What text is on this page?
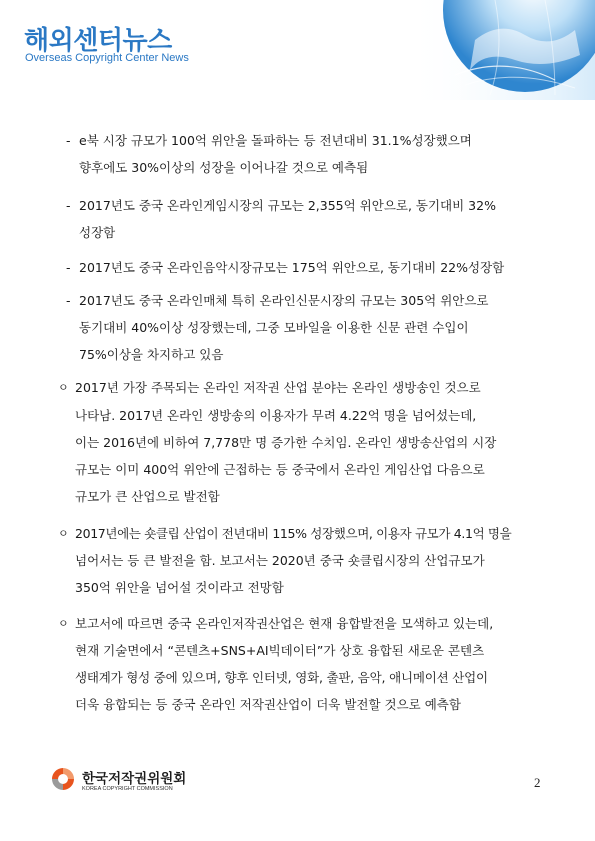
해외센터뉴스
Overseas Copyright Center News
- e북 시장 규모가 100억 위안을 돌파하는 등 전년대비 31.1%성장했으며
향후에도 30%이상의 성장을 이어나갈 것으로 예측됨
- 2017년도 중국 온라인게임시장의 규모는 2,355억 위안으로, 동기대비 32%
성장함
- 2017년도 중국 온라인음악시장규모는 175억 위안으로, 동기대비 22%성장함
- 2017년도 중국 온라인매체 특히 온라인신문시장의 규모는 305억 위안으로
동기대비 40%이상 성장했는데, 그중 모바일을 이용한 신문 관련 수입이
75%이상을 차지하고 있음
ㅇ 2017년 가장 주목되는 온라인 저작권 산업 분야는 온라인 생방송인 것으로
나타남. 2017년 온라인 생방송의 이용자가 무려 4.22억 명을 넘어섰는데,
이는 2016년에 비하여 7,778만 명 증가한 수치임. 온라인 생방송산업의 시장
규모는 이미 400억 위안에 근접하는 등 중국에서 온라인 게임산업 다음으로
규모가 큰 산업으로 발전함
ㅇ 2017년에는 숏클립 산업이 전년대비 115% 성장했으며, 이용자 규모가 4.1억 명을
넘어서는 등 큰 발전을 함. 보고서는 2020년 중국 숏클립시장의 산업규모가
350억 위안을 넘어설 것이라고 전망함
ㅇ 보고서에 따르면 중국 온라인저작권산업은 현재 융합발전을 모색하고 있는데,
현재 기술면에서 “콘텐츠+SNS+AI빅데이터”가 상호 융합된 새로운 콘텐츠
생태계가 형성 중에 있으며, 향후 인터넷, 영화, 출판, 음악, 애니메이션 산업이
더욱 융합되는 등 중국 온라인 저작권산업이 더욱 발전할 것으로 예측함
한국저작권위원회
KOREA COPYRIGHT COMMISSION	2
